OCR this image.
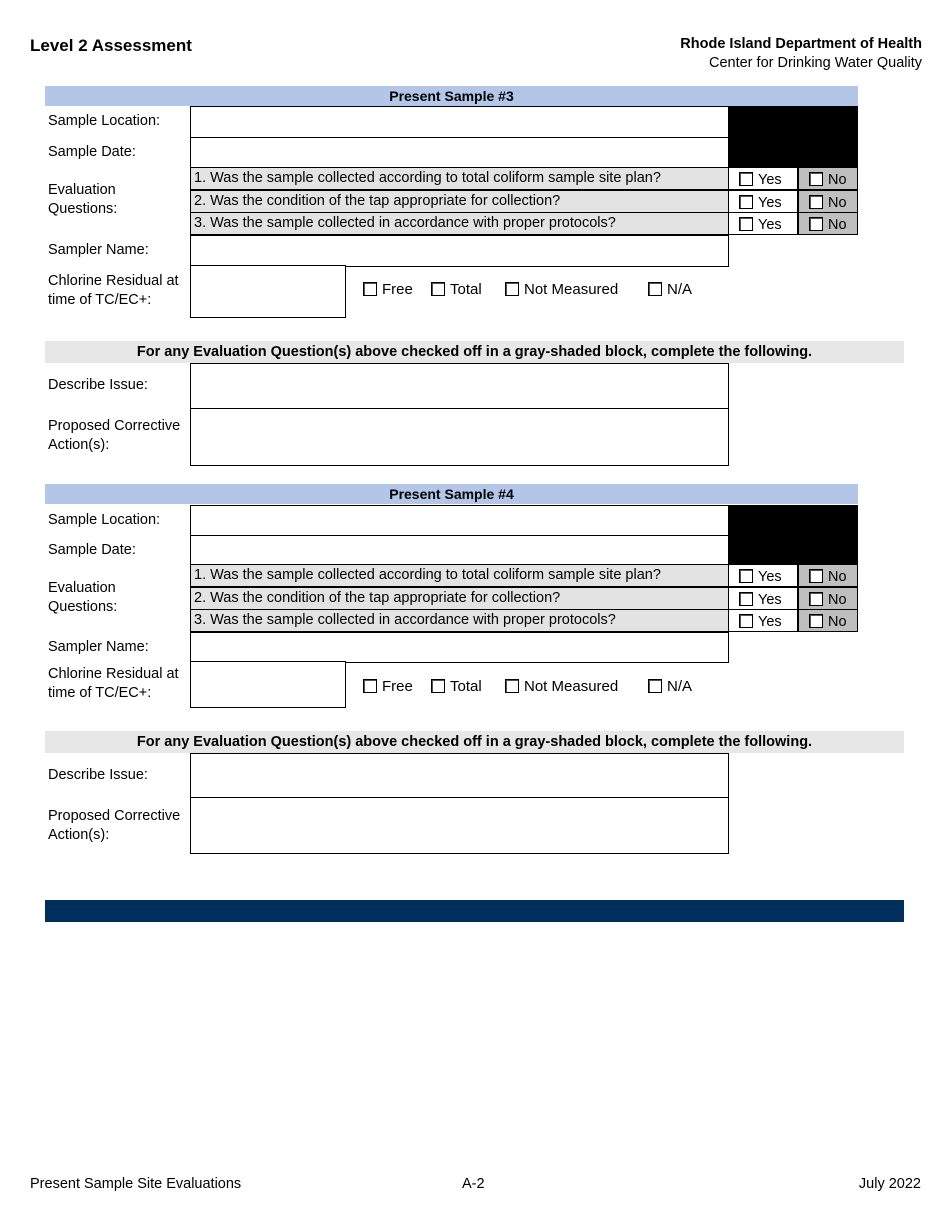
Level 2 Assessment	Rhode Island Department of Health
Center for Drinking Water Quality
Present Sample #3
Sample Location:
Sample Date:
Evaluation
Questions:
1. Was the sample collected according to total coliform sample site plan?	Yes	No
2. Was the condition of the tap appropriate for collection?	Yes	No
3. Was the sample collected in accordance with proper protocols?	Yes	No
Sampler Name:
Chlorine Residual at
time of TC/EC+:
Free	Total	Not Measured	N/A
For any Evaluation Question(s) above checked off in a gray-shaded block, complete the following.
Describe Issue:
Proposed Corrective
Action(s):
Present Sample #4
Sample Location:
Sample Date:
Evaluation
Questions:
1. Was the sample collected according to total coliform sample site plan?	Yes	No
2. Was the condition of the tap appropriate for collection?	Yes	No
3. Was the sample collected in accordance with proper protocols?	Yes	No
Sampler Name:
Chlorine Residual at
time of TC/EC+:	Free	Total	Not Measured	N/A
For any Evaluation Question(s) above checked off in a gray-shaded block, complete the following.
Describe Issue:
Proposed Corrective
Action(s):
Present Sample Site Evaluations	A-2	July 2022
